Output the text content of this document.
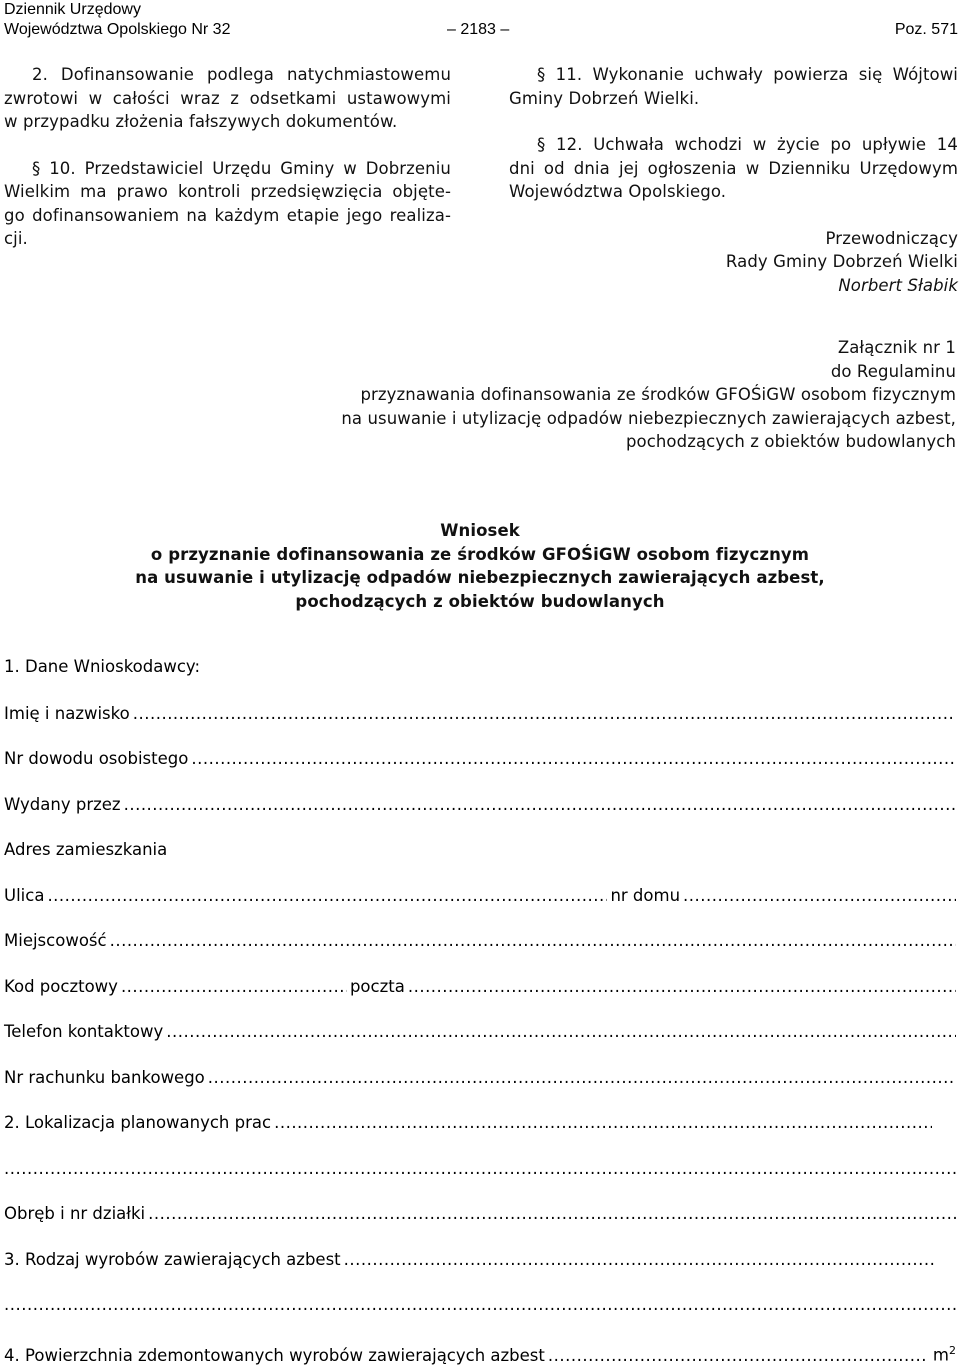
Dziennik Urzędowy
Województwa Opolskiego Nr 32	– 2183 –	Poz. 571
2. Dofinansowanie podlega natychmiastowemu
zwrotowi w całości wraz z odsetkami ustawowymi
w przypadku złożenia fałszywych dokumentów.
§ 10. Przedstawiciel Urzędu Gminy w Dobrzeniu
Wielkim ma prawo kontroli przedsięwzięcia objęte-
go dofinansowaniem na każdym etapie jego realiza-
cji.
§ 11. Wykonanie uchwały powierza się Wójtowi
Gminy Dobrzeń Wielki.
§ 12. Uchwała wchodzi w życie po upływie 14
dni od dnia jej ogłoszenia w Dzienniku Urzędowym
Województwa Opolskiego.
Przewodniczący
Rady Gminy Dobrzeń Wielki
Norbert Słabik
Załącznik nr 1
do Regulaminu
przyznawania dofinansowania ze środków GFOŚiGW osobom fizycznym
na usuwanie i utylizację odpadów niebezpiecznych zawierających azbest,
pochodzących z obiektów budowlanych
Wniosek
o przyznanie dofinansowania ze środków GFOŚiGW osobom fizycznym
na usuwanie i utylizację odpadów niebezpiecznych zawierających azbest,
pochodzących z obiektów budowlanych
1. Dane Wnioskodawcy:
Imię i nazwisko
.....
Nr dowodu osobistego
.....
Wydany przez
.....
Adres zamieszkania
Ulica .....	nr domu
.....
Miejscowość
.....
Kod pocztowy .....	poczta
.....
Telefon kontaktowy
.....
Nr rachunku bankowego
.....
2. Lokalizacja planowanych prac
.....
.....
Obręb i nr działki
.....
3. Rodzaj wyrobów zawierających azbest
.....
.....
4. Powierzchnia zdemontowanych wyrobów zawierających azbest .....	$m^2$
